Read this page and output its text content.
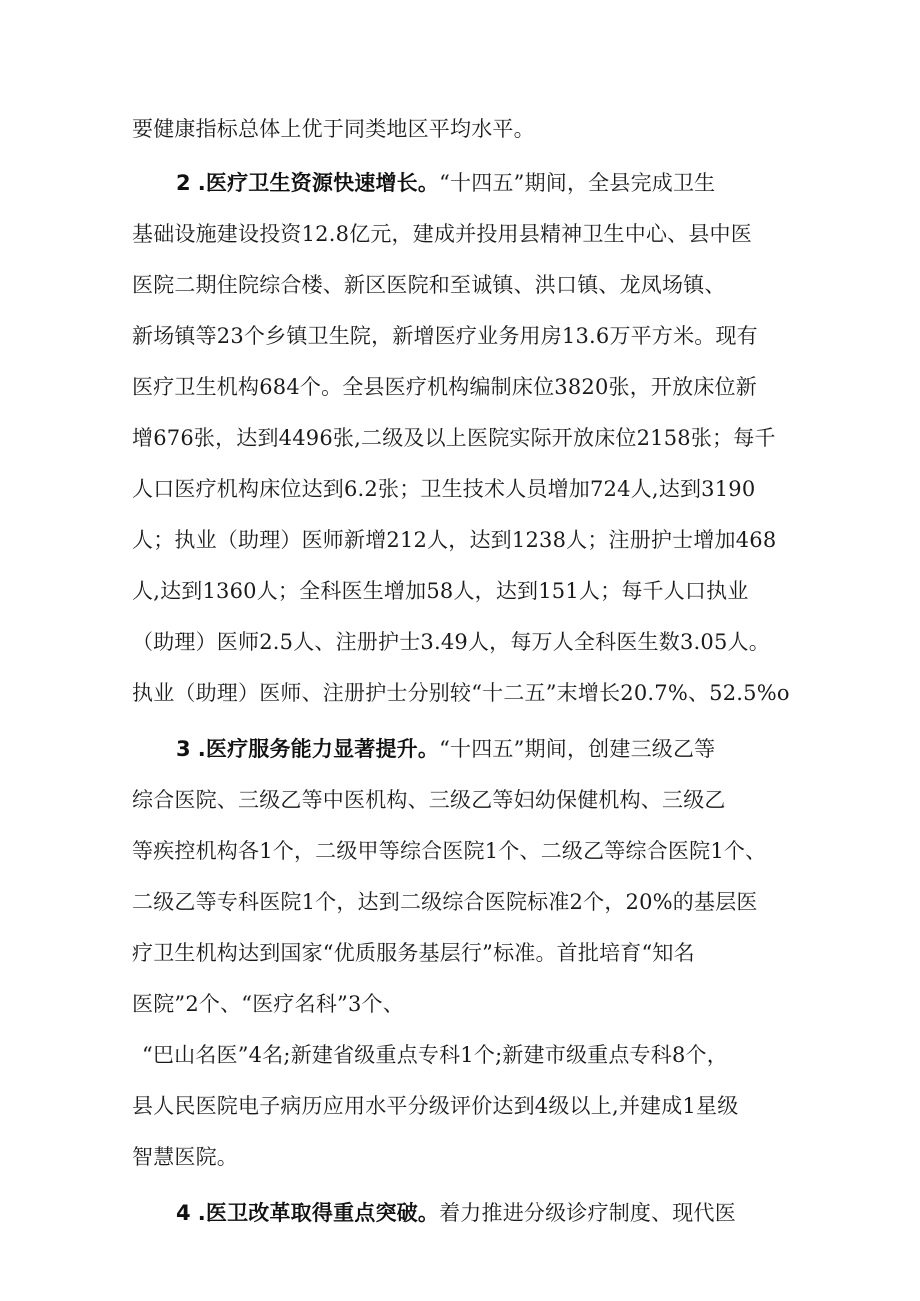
要健康指标总体上优于同类地区平均水平。
2 .医疗卫生资源快速增长。“十四五”期间，全县完成卫生
基础设施建设投资12.8亿元，建成并投用县精神卫生中心、县中医
医院二期住院综合楼、新区医院和至诚镇、洪口镇、龙凤场镇、
新场镇等23个乡镇卫生院，新增医疗业务用房13.6万平方米。现有
医疗卫生机构684个。全县医疗机构编制床位3820张，开放床位新
增676张，达到4496张,二级及以上医院实际开放床位2158张；每千
人口医疗机构床位达到6.2张；卫生技术人员增加724人,达到3190
人；执业（助理）医师新增212人，达到1238人；注册护士增加468
人,达到1360人；全科医生增加58人，达到151人；每千人口执业
（助理）医师2.5人、注册护士3.49人，每万人全科医生数3.05人。
执业（助理）医师、注册护士分别较“十二五”末增长20.7%、52.5%o
3 .医疗服务能力显著提升。“十四五”期间，创建三级乙等
综合医院、三级乙等中医机构、三级乙等妇幼保健机构、三级乙
等疾控机构各1个，二级甲等综合医院1个、二级乙等综合医院1个、
二级乙等专科医院1个，达到二级综合医院标准2个，20%的基层医
疗卫生机构达到国家“优质服务基层行”标准。首批培育“知名
医院”2个、“医疗名科”3个、
“巴山名医”4名;新建省级重点专科1个;新建市级重点专科8个，
县人民医院电子病历应用水平分级评价达到4级以上,并建成1星级
智慧医院。
4 .医卫改革取得重点突破。着力推进分级诊疗制度、现代医
